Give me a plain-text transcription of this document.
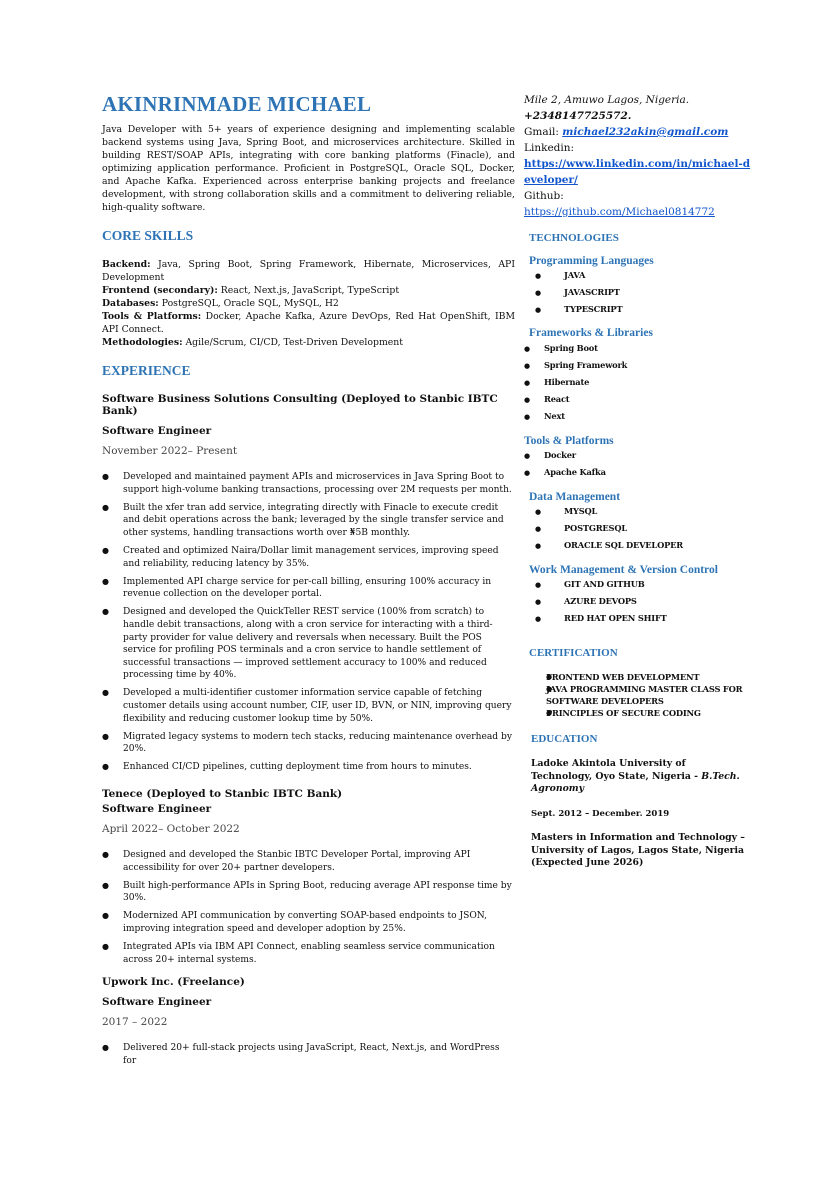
AKINRINMADE MICHAEL

Java Developer with 5+ years of experience designing and implementing scalable backend systems using Java, Spring Boot, and microservices architecture. Skilled in building REST/SOAP APIs, integrating with core banking platforms (Finacle), and optimizing application performance. Proficient in PostgreSQL, Oracle SQL, Docker, and Apache Kafka. Experienced across enterprise banking projects and freelance development, with strong collaboration skills and a commitment to delivering reliable, high-quality software.

CORE SKILLS

Backend: Java, Spring Boot, Spring Framework, Hibernate, Microservices, API Development

Frontend (secondary): React, Next.js, JavaScript, TypeScript

Databases: PostgreSQL, Oracle SQL, MySQL, H2

Tools & Platforms: Docker, Apache Kafka, Azure DevOps, Red Hat OpenShift, IBM API Connect.

Methodologies: Agile/Scrum, CI/CD, Test-Driven Development

EXPERIENCE

Software Business Solutions Consulting (Deployed to Stanbic IBTC Bank)

Software Engineer

November 2022– Present

● Developed and maintained payment APIs and microservices in Java Spring Boot to support high-volume banking transactions, processing over 2M requests per month.
● Built the xfer tran add service, integrating directly with Finacle to execute credit and debit operations across the bank; leveraged by the single transfer service and other systems, handling transactions worth over ₦5B monthly.
● Created and optimized Naira/Dollar limit management services, improving speed and reliability, reducing latency by 35%.
● Implemented API charge service for per-call billing, ensuring 100% accuracy in revenue collection on the developer portal.
● Designed and developed the QuickTeller REST service (100% from scratch) to handle debit transactions, along with a cron service for interacting with a third-party provider for value delivery and reversals when necessary. Built the POS service for profiling POS terminals and a cron service to handle settlement of successful transactions — improved settlement accuracy to 100% and reduced processing time by 40%.
● Developed a multi-identifier customer information service capable of fetching customer details using account number, CIF, user ID, BVN, or NIN, improving query flexibility and reducing customer lookup time by 50%.
● Migrated legacy systems to modern tech stacks, reducing maintenance overhead by 20%.
● Enhanced CI/CD pipelines, cutting deployment time from hours to minutes.

Tenece (Deployed to Stanbic IBTC Bank)

Software Engineer

April 2022– October 2022

● Designed and developed the Stanbic IBTC Developer Portal, improving API accessibility for over 20+ partner developers.
● Built high-performance APIs in Spring Boot, reducing average API response time by 30%.
● Modernized API communication by converting SOAP-based endpoints to JSON, improving integration speed and developer adoption by 25%.
● Integrated APIs via IBM API Connect, enabling seamless service communication across 20+ internal systems.

Upwork Inc. (Freelance)

Software Engineer

2017 – 2022

● Delivered 20+ full-stack projects using JavaScript, React, Next.js, and WordPress for

Mile 2, Amuwo Lagos, Nigeria.

+2348147725572.

Gmail: michael232akin@gmail.com

Linkedin:

https://www.linkedin.com/in/michael-developer/

Github:

https://github.com/Michael0814772

TECHNOLOGIES

Programming Languages

● JAVA
● JAVASCRIPT
● TYPESCRIPT

Frameworks & Libraries

● Spring Boot
● Spring Framework
● Hibernate
● React
● Next

Tools & Platforms

● Docker
● Apache Kafka

Data Management

● MYSQL
● POSTGRESQL
● ORACLE SQL DEVELOPER

Work Management & Version Control

● GIT AND GITHUB
● AZURE DEVOPS
● RED HAT OPEN SHIFT

CERTIFICATION

● FRONTEND WEB DEVELOPMENT
● JAVA PROGRAMMING MASTER CLASS FOR SOFTWARE DEVELOPERS
● PRINCIPLES OF SECURE CODING

EDUCATION

Ladoke Akintola University of Technology, Oyo State, Nigeria - B.Tech. Agronomy

Sept. 2012 – December. 2019

Masters in Information and Technology – University of Lagos, Lagos State, Nigeria (Expected June 2026)
